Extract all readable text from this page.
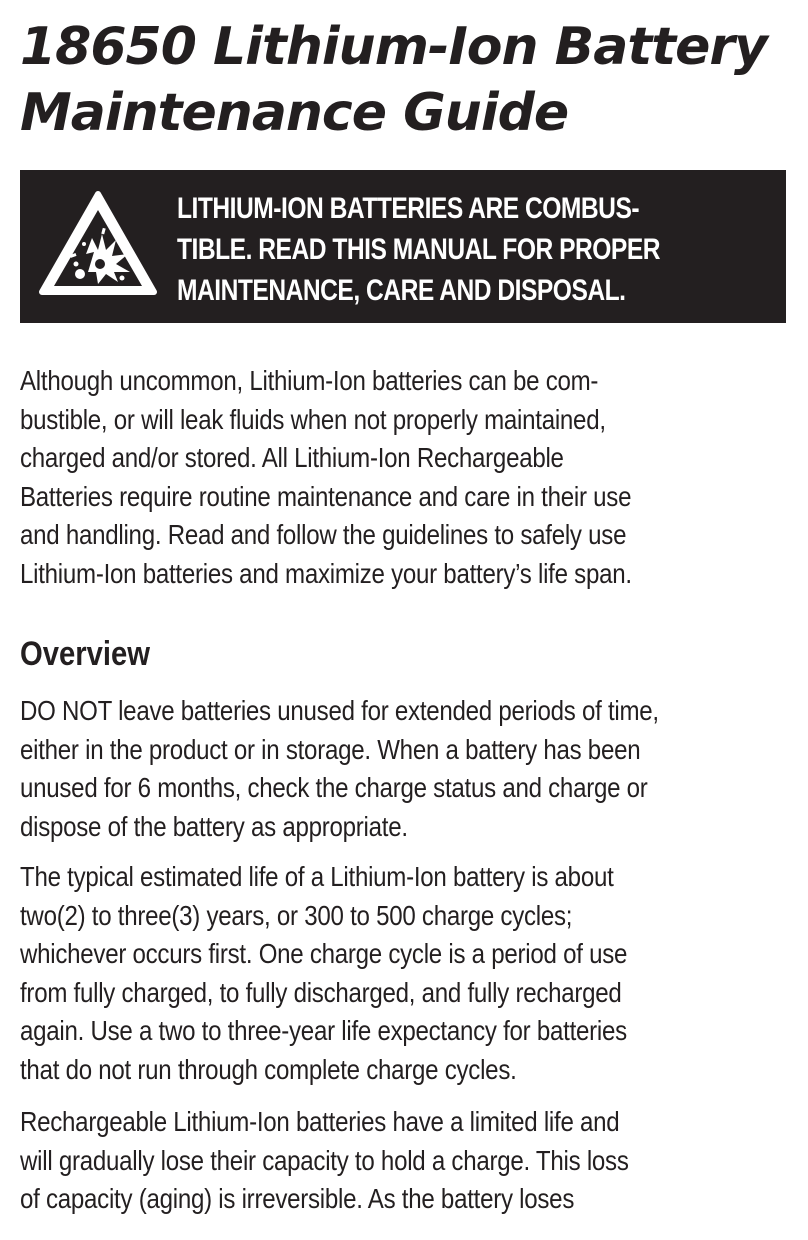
18650 Lithium-Ion Battery
Maintenance Guide

LITHIUM-ION BATTERIES ARE COMBUS-
TIBLE. READ THIS MANUAL FOR PROPER
MAINTENANCE, CARE AND DISPOSAL.

Although uncommon, Lithium-Ion batteries can be com-
bustible, or will leak fluids when not properly maintained,
charged and/or stored. All Lithium-Ion Rechargeable
Batteries require routine maintenance and care in their use
and handling. Read and follow the guidelines to safely use
Lithium-Ion batteries and maximize your battery’s life span.

Overview

DO NOT leave batteries unused for extended periods of time,
either in the product or in storage. When a battery has been
unused for 6 months, check the charge status and charge or
dispose of the battery as appropriate.

The typical estimated life of a Lithium-Ion battery is about
two(2) to three(3) years, or 300 to 500 charge cycles;
whichever occurs first. One charge cycle is a period of use
from fully charged, to fully discharged, and fully recharged
again. Use a two to three-year life expectancy for batteries
that do not run through complete charge cycles.

Rechargeable Lithium-Ion batteries have a limited life and
will gradually lose their capacity to hold a charge. This loss
of capacity (aging) is irreversible. As the battery loses
